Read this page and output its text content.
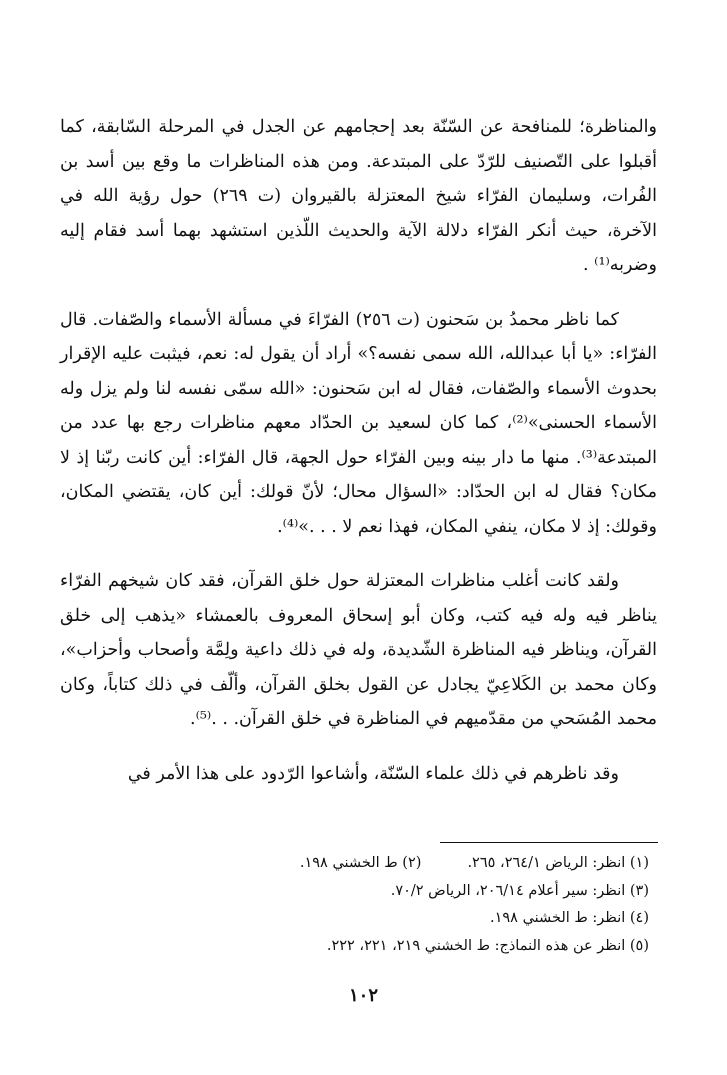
والمناظرة؛ للمنافحة عن السّنّة بعد إحجامهم عن الجدل في المرحلة السّابقة، كما أقبلوا على التّصنيف للرّدّ على المبتدعة. ومن هذه المناظرات ما وقع بين أسد بن الفُرات، وسليمان الفرّاء شيخ المعتزلة بالقيروان (ت ٢٦٩) حول رؤية الله في الآخرة، حيث أنكر الفرّاء دلالة الآية والحديث اللّذين استشهد بهما أسد فقام إليه وضربه⁽¹⁾ .

كما ناظر محمدُ بن سَحنون (ت ٢٥٦) الفرّاءَ في مسألة الأسماء والصّفات. قال الفرّاء: «يا أبا عبدالله، الله سمى نفسه؟» أراد أن يقول له: نعم، فيثبت عليه الإقرار بحدوث الأسماء والصّفات، فقال له ابن سَحنون: «الله سمّى نفسه لنا ولم يزل وله الأسماء الحسنى»⁽²⁾، كما كان لسعيد بن الحدّاد معهم مناظرات رجع بها عدد من المبتدعة⁽³⁾. منها ما دار بينه وبين الفرّاء حول الجهة، قال الفرّاء: أين كانت ربّنا إذ لا مكان؟ فقال له ابن الحدّاد: «السؤال محال؛ لأنّ قولك: أين كان، يقتضي المكان، وقولك: إذ لا مكان، ينفي المكان، فهذا نعم لا . . .»⁽⁴⁾.

ولقد كانت أغلب مناظرات المعتزلة حول خلق القرآن، فقد كان شيخهم الفرّاء يناظر فيه وله فيه كتب، وكان أبو إسحاق المعروف بالعمشاء «يذهب إلى خلق القرآن، ويناظر فيه المناظرة الشّديدة، وله في ذلك داعية ولِمَّة وأصحاب وأحزاب»، وكان محمد بن الكَلاعِيّ يجادل عن القول بخلق القرآن، وألّف في ذلك كتاباً، وكان محمد المُسَحي من مقدّميهم في المناظرة في خلق القرآن. . .⁽⁵⁾.

وقد ناظرهم في ذلك علماء السّنّة، وأشاعوا الرّدود على هذا الأمر في

(١) انظر: الرياض ٢٦٤/١، ٢٦٥.(٢) ط الخشني ١٩٨.

(٣) انظر: سير أعلام ٢٠٦/١٤، الرياض ٧٠/٢.

(٤) انظر: ط الخشني ١٩٨.

(٥) انظر عن هذه النماذج: ط الخشني ٢١٩، ٢٢١، ٢٢٢.

١٠٢
